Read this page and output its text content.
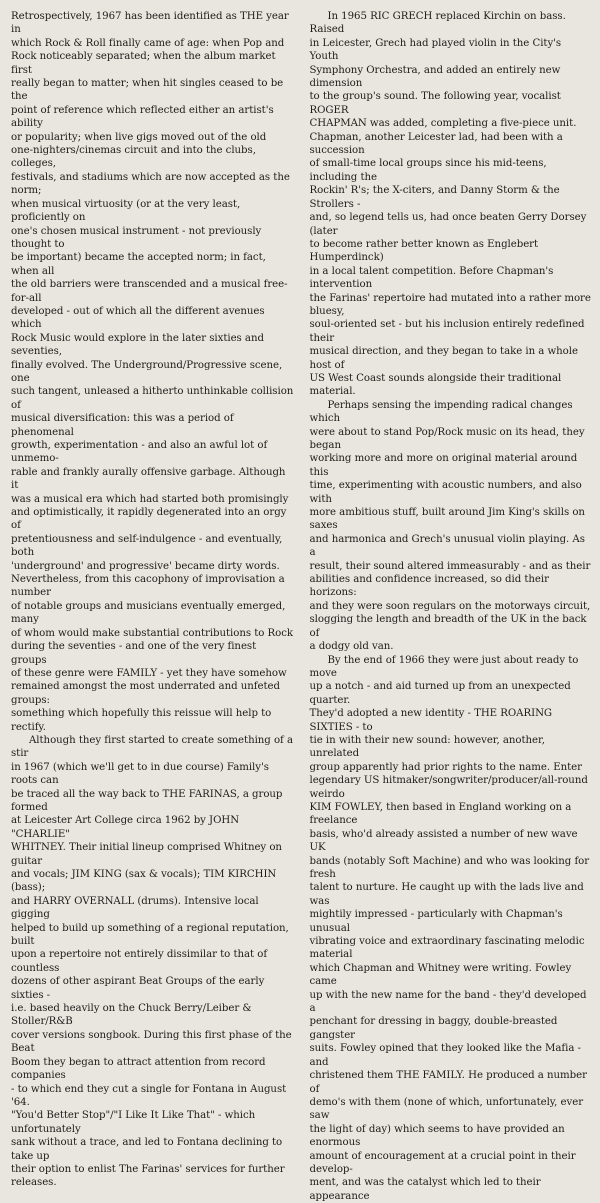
Retrospectively, 1967 has been identified as THE year in
which Rock & Roll finally came of age: when Pop and
Rock noticeably separated; when the album market first
really began to matter; when hit singles ceased to be the
point of reference which reflected either an artist's ability
or popularity; when live gigs moved out of the old
one-nighters/cinemas circuit and into the clubs, colleges,
festivals, and stadiums which are now accepted as the norm;
when musical virtuosity (or at the very least, proficiently on
one's chosen musical instrument - not previously thought to
be important) became the accepted norm; in fact, when all
the old barriers were transcended and a musical free-for-all
developed - out of which all the different avenues which
Rock Music would explore in the later sixties and seventies,
finally evolved. The Underground/Progressive scene, one
such tangent, unleased a hitherto unthinkable collision of
musical diversification: this was a period of phenomenal
growth, experimentation - and also an awful lot of unmemo-
rable and frankly aurally offensive garbage. Although it
was a musical era which had started both promisingly
and optimistically, it rapidly degenerated into an orgy of
pretentiousness and self-indulgence - and eventually, both
'underground' and progressive' became dirty words.
Nevertheless, from this cacophony of improvisation a number
of notable groups and musicians eventually emerged, many
of whom would make substantial contributions to Rock
during the seventies - and one of the very finest groups
of these genre were FAMILY - yet they have somehow
remained amongst the most underrated and unfeted groups:
something which hopefully this reissue will help to rectify.

Although they first started to create something of a stir
in 1967 (which we'll get to in due course) Family's roots can
be traced all the way back to THE FARINAS, a group formed
at Leicester Art College circa 1962 by JOHN "CHARLIE"
WHITNEY. Their initial lineup comprised Whitney on guitar
and vocals; JIM KING (sax & vocals); TIM KIRCHIN (bass);
and HARRY OVERNALL (drums). Intensive local gigging
helped to build up something of a regional reputation, built
upon a repertoire not entirely dissimilar to that of countless
dozens of other aspirant Beat Groups of the early sixties -
i.e. based heavily on the Chuck Berry/Leiber & Stoller/R&B
cover versions songbook. During this first phase of the Beat
Boom they began to attract attention from record companies
- to which end they cut a single for Fontana in August '64.
"You'd Better Stop"/"I Like It Like That" - which unfortunately
sank without a trace, and led to Fontana declining to take up
their option to enlist The Farinas' services for further releases.

In 1965 RIC GRECH replaced Kirchin on bass. Raised
in Leicester, Grech had played violin in the City's Youth
Symphony Orchestra, and added an entirely new dimension
to the group's sound. The following year, vocalist ROGER
CHAPMAN was added, completing a five-piece unit.
Chapman, another Leicester lad, had been with a succession
of small-time local groups since his mid-teens, including the
Rockin' R's; the X-citers, and Danny Storm & the Strollers -
and, so legend tells us, had once beaten Gerry Dorsey (later
to become rather better known as Englebert Humperdinck)
in a local talent competition. Before Chapman's intervention
the Farinas' repertoire had mutated into a rather more bluesy,
soul-oriented set - but his inclusion entirely redefined their
musical direction, and they began to take in a whole host of
US West Coast sounds alongside their traditional material.

Perhaps sensing the impending radical changes which
were about to stand Pop/Rock music on its head, they began
working more and more on original material around this
time, experimenting with acoustic numbers, and also with
more ambitious stuff, built around Jim King's skills on saxes
and harmonica and Grech's unusual violin playing. As a
result, their sound altered immeasurably - and as their
abilities and confidence increased, so did their horizons:
and they were soon regulars on the motorways circuit,
slogging the length and breadth of the UK in the back of
a dodgy old van.

By the end of 1966 they were just about ready to move
up a notch - and aid turned up from an unexpected quarter.
They'd adopted a new identity - THE ROARING SIXTIES - to
tie in with their new sound: however, another, unrelated
group apparently had prior rights to the name. Enter
legendary US hitmaker/songwriter/producer/all-round weirdo
KIM FOWLEY, then based in England working on a freelance
basis, who'd already assisted a number of new wave UK
bands (notably Soft Machine) and who was looking for fresh
talent to nurture. He caught up with the lads live and was
mightily impressed - particularly with Chapman's unusual
vibrating voice and extraordinary fascinating melodic material
which Chapman and Whitney were writing. Fowley came
up with the new name for the band - they'd developed a
penchant for dressing in baggy, double-breasted gangster
suits. Fowley opined that they looked like the Mafia - and
christened them THE FAMILY. He produced a number of
demo's with them (none of which, unfortunately, ever saw
the light of day) which seems to have provided an enormous
amount of encouragement at a crucial point in their develop-
ment, and was the catalyst which led to their appearance
